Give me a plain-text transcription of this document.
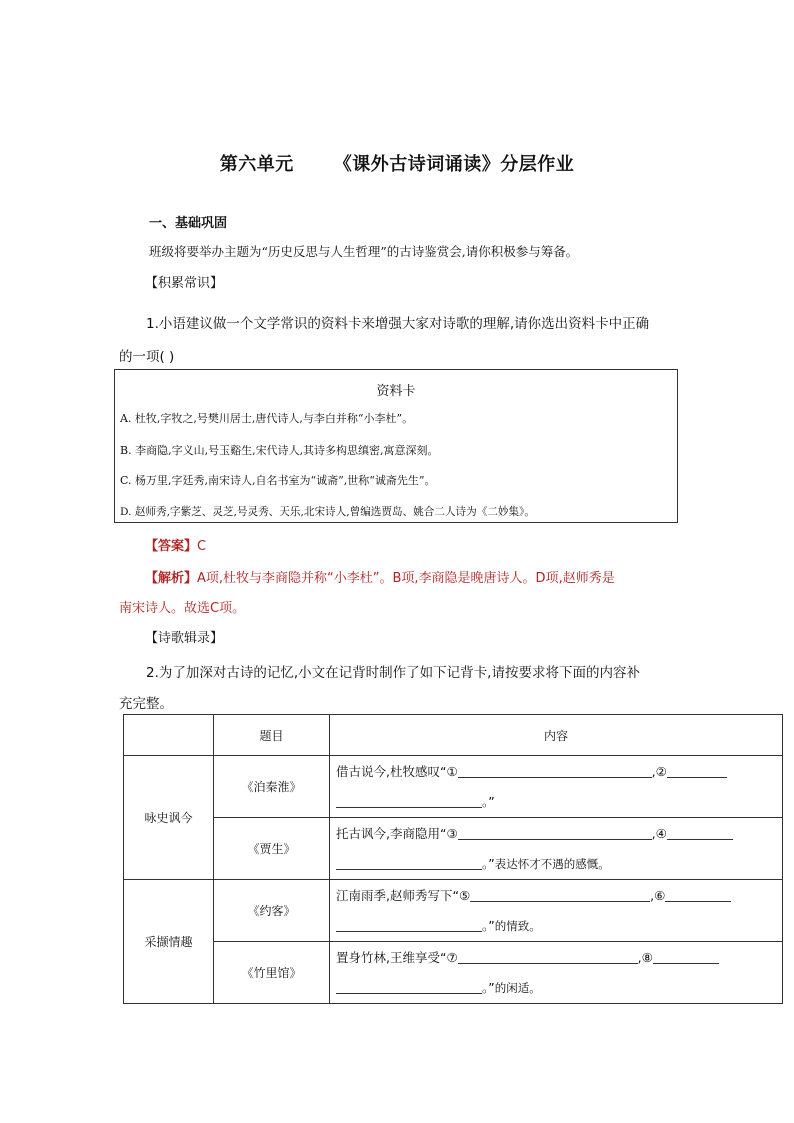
第六单元 《课外古诗词诵读》分层作业
一、基础巩固
班级将要举办主题为“历史反思与人生哲理”的古诗鉴赏会,请你积极参与筹备。
【积累常识】
1.小语建议做一个文学常识的资料卡来增强大家对诗歌的理解,请你选出资料卡中正确
的一项( )
资料卡
A. 杜牧,字牧之,号樊川居士,唐代诗人,与李白并称“小李杜”。
B. 李商隐,字义山,号玉谿生,宋代诗人,其诗多构思缜密,寓意深刻。
C. 杨万里,字廷秀,南宋诗人,自名书室为“诚斋”,世称“诚斋先生”。
D. 赵师秀,字紫芝、灵芝,号灵秀、天乐,北宋诗人,曾编选贾岛、姚合二人诗为《二妙集》。
【答案】C
【解析】A项,杜牧与李商隐并称“小李杜”。B项,李商隐是晚唐诗人。D项,赵师秀是
南宋诗人。故选C项。
【诗歌辑录】
2.为了加深对古诗的记忆,小文在记背时制作了如下记背卡,请按要求将下面的内容补
充完整。
	题目	内容
咏史讽今	《泊秦淮》	借古说今,杜牧感叹“① ,②
。”
	《贾生》	托古讽今,李商隐用“③ ,④
。”表达怀才不遇的感慨。
采撷情趣	《约客》	江南雨季,赵师秀写下“⑤ ,⑥
。”的情致。
	《竹里馆》	置身竹林,王维享受“⑦ ,⑧
。”的闲适。
